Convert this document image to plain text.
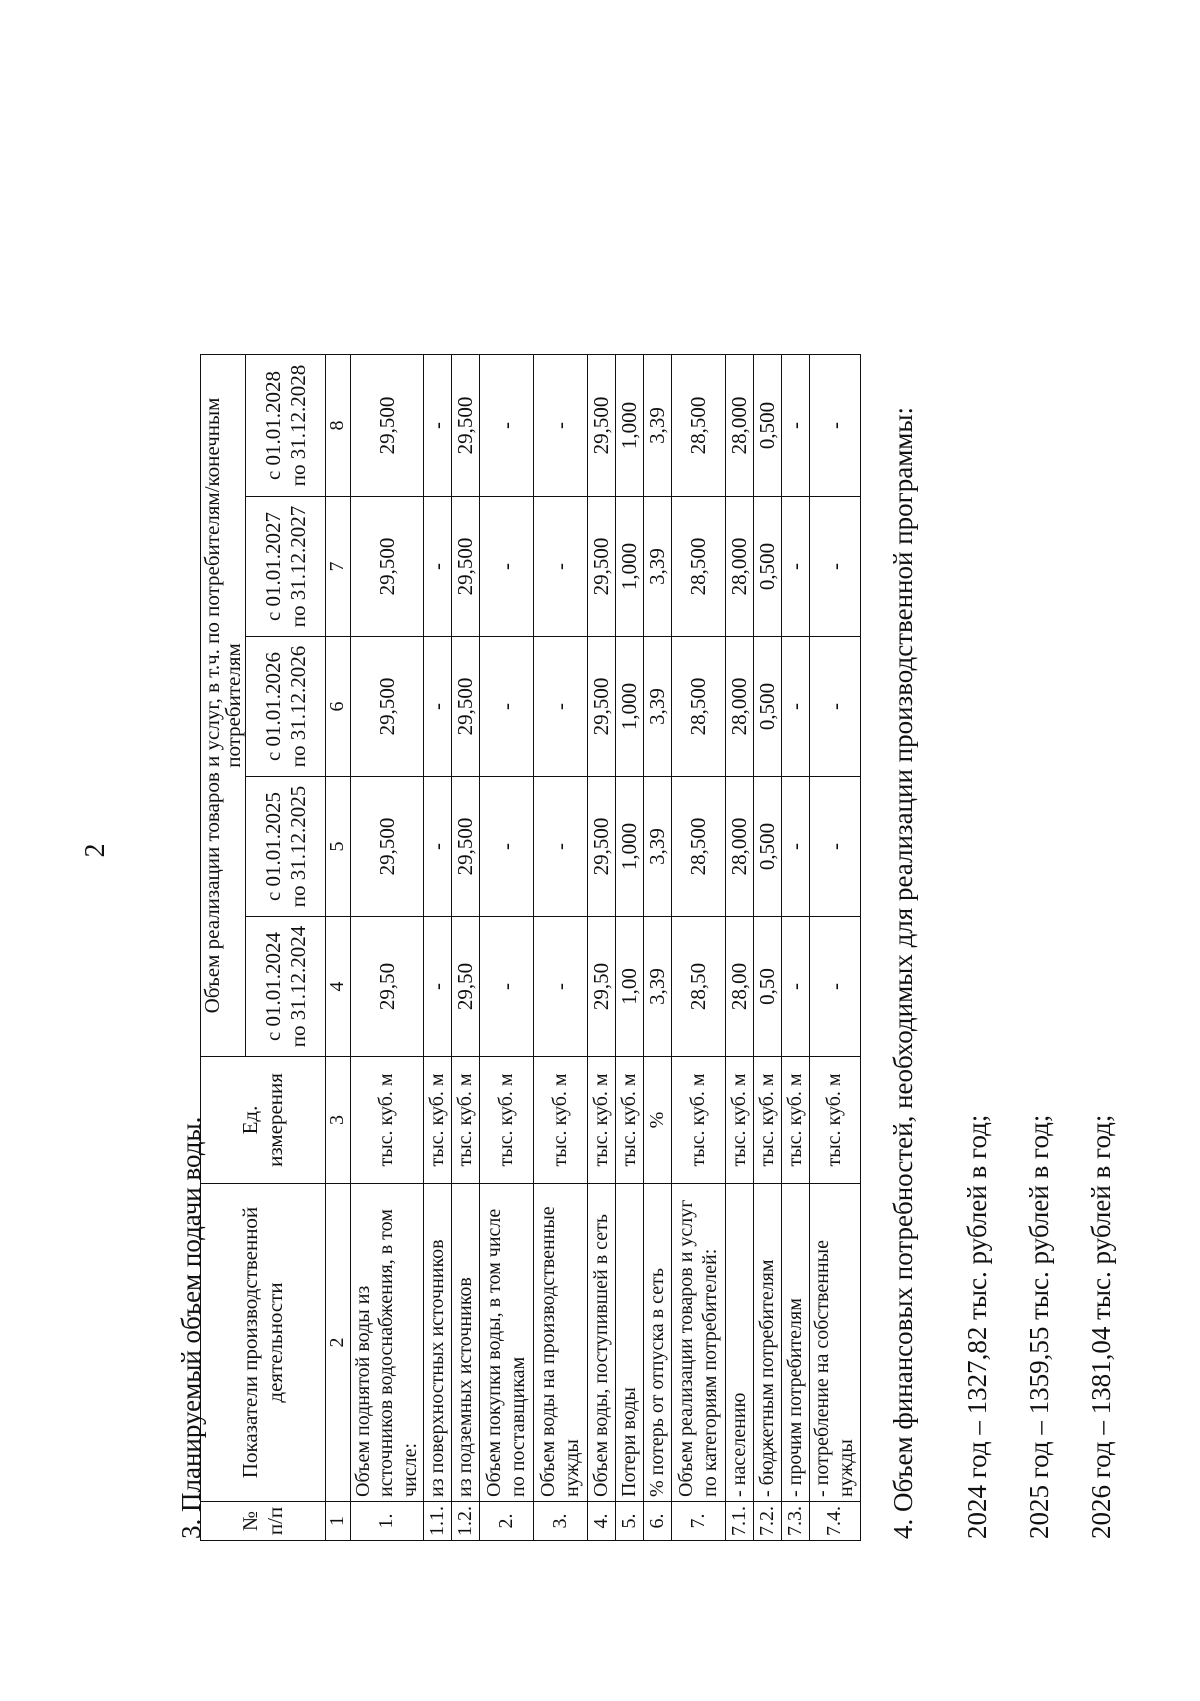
2
3. Планируемый объем подачи воды. № п/п	Показатели производственной деятельности	Ед. измерения	Объем реализации товаров и услуг, в т.ч. по потребителям/конечным потребителям				
			с 01.01.2024 по 31.12.2024	с 01.01.2025 по 31.12.2025	с 01.01.2026 по 31.12.2026	с 01.01.2027 по 31.12.2027	с 01.01.2028 по 31.12.2028
1	2	3	4	5	6	7	8
1.	Объем поднятой воды из источников водоснабжения, в том числе:	тыс. куб. м	29,50	29,500	29,500	29,500	29,500
1.1.	из поверхностных источников	тыс. куб. м	-	-	-	-	-
1.2.	из подземных источников	тыс. куб. м	29,50	29,500	29,500	29,500	29,500
2.	Объем покупки воды, в том числе по поставщикам	тыс. куб. м	-	-	-	-	-
3.	Объем воды на производственные нужды	тыс. куб. м	-	-	-	-	-
4.	Объем воды, поступившей в сеть	тыс. куб. м	29,50	29,500	29,500	29,500	29,500
5.	Потери воды	тыс. куб. м	1,00	1,000	1,000	1,000	1,000
6.	% потерь от отпуска в сеть	%	3,39	3,39	3,39	3,39	3,39
7.	Объем реализации товаров и услуг по категориям потребителей:	тыс. куб. м	28,50	28,500	28,500	28,500	28,500
7.1.	- населению	тыс. куб. м	28,00	28,000	28,000	28,000	28,000
7.2.	- бюджетным потребителям	тыс. куб. м	0,50	0,500	0,500	0,500	0,500
7.3.	- прочим потребителям	тыс. куб. м	-	-	-	-	-
7.4.	- потребление на собственные нужды	тыс. куб. м	-	-	-	-	- 4. Объем финансовых потребностей, необходимых для реализации производственной программы: 2024 год – 1327,82 тыс. рублей в год; 2025 год – 1359,55 тыс. рублей в год; 2026 год – 1381,04 тыс. рублей в год;
